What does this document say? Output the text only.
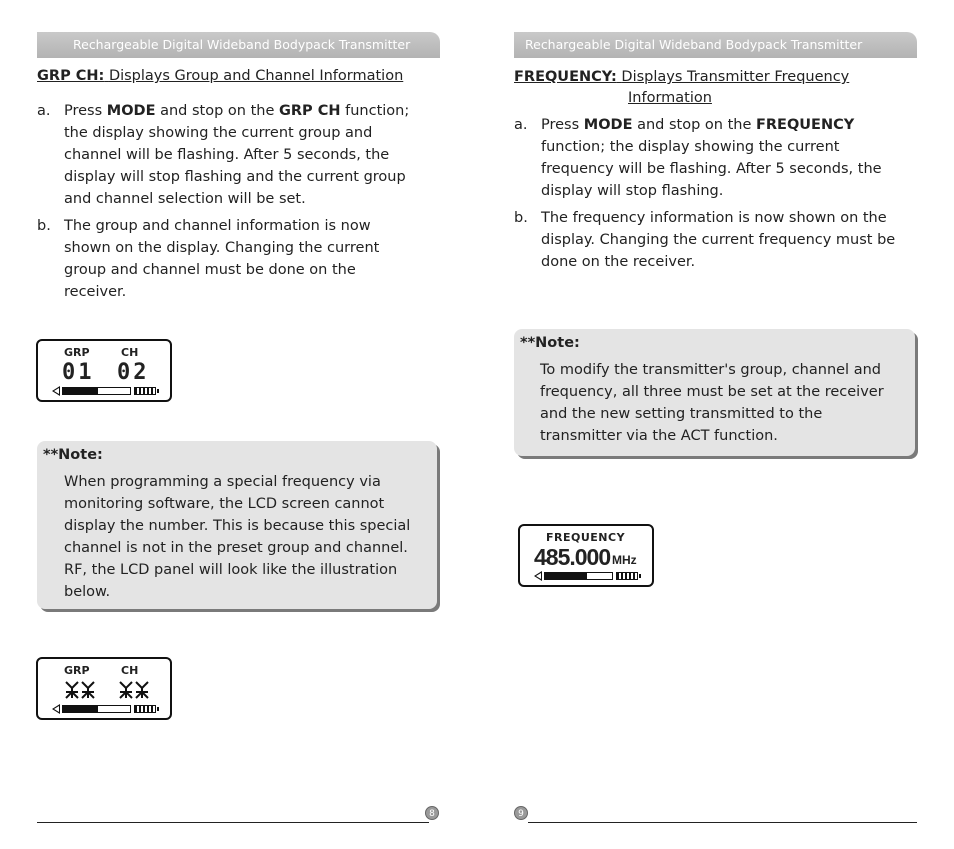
Rechargeable Digital Wideband Bodypack Transmitter
GRP CH: Displays Group and Channel Information
a. Press MODE and stop on the GRP CH function;
the display showing the current group and
channel will be flashing. After 5 seconds, the
display will stop flashing and the current group
and channel selection will be set.
b. The group and channel information is now
shown on the display. Changing the current
group and channel must be done on the
receiver.
GRP	CH
01 02
**Note:
When programming a special frequency via
monitoring software, the LCD screen cannot
display the number. This is because this special
channel is not in the preset group and channel.
RF, the LCD panel will look like the illustration
below.
GRP	CH
8
Rechargeable Digital Wideband Bodypack Transmitter
FREQUENCY: Displays Transmitter Frequency
Information
a. Press MODE and stop on the FREQUENCY
function; the display showing the current
frequency will be flashing. After 5 seconds, the
display will stop flashing.
b. The frequency information is now shown on the
display. Changing the current frequency must be
done on the receiver.
**Note:
To modify the transmitter's group, channel and
frequency, all three must be set at the receiver
and the new setting transmitted to the
transmitter via the ACT function.
FREQUENCY
485.000 MHz
9
